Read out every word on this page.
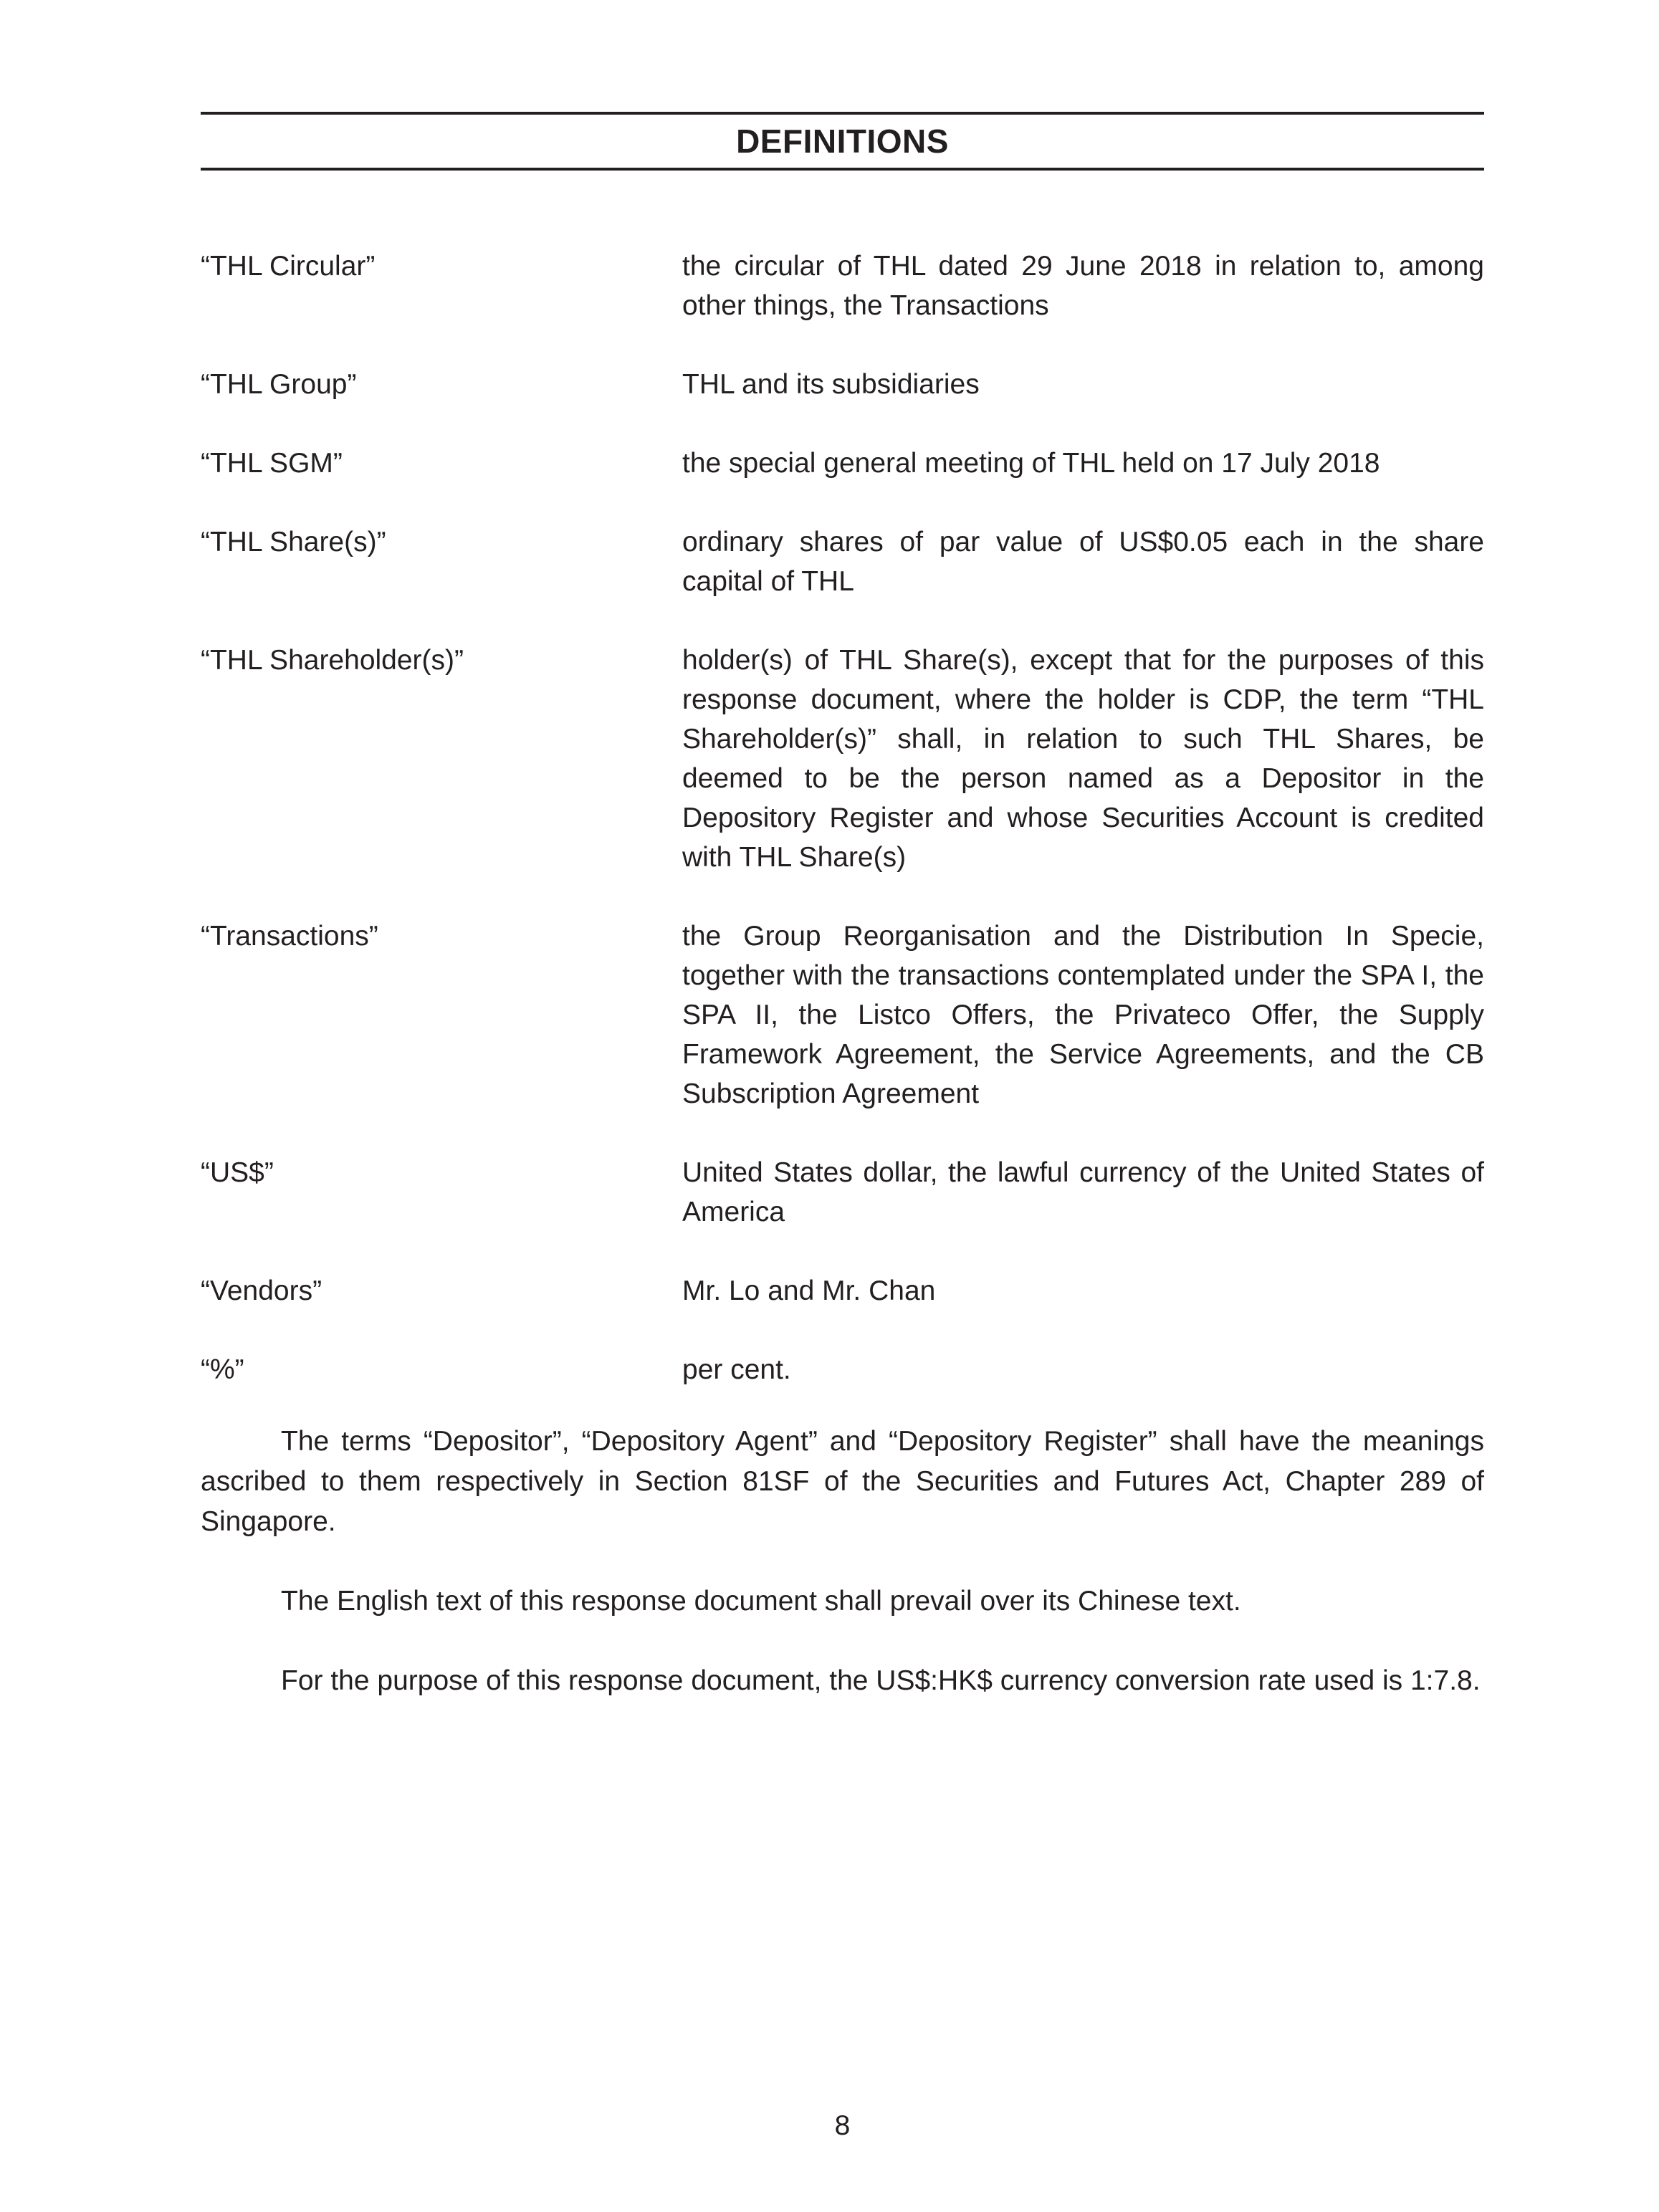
DEFINITIONS
“THL Circular”	the circular of THL dated 29 June 2018 in relation to, among other things, the Transactions
“THL Group”	THL and its subsidiaries
“THL SGM”	the special general meeting of THL held on 17 July 2018
“THL Share(s)”	ordinary shares of par value of US$0.05 each in the share capital of THL
“THL Shareholder(s)”	holder(s) of THL Share(s), except that for the purposes of this response document, where the holder is CDP, the term “THL Shareholder(s)” shall, in relation to such THL Shares, be deemed to be the person named as a Depositor in the Depository Register and whose Securities Account is credited with THL Share(s)
“Transactions”	the Group Reorganisation and the Distribution In Specie, together with the transactions contemplated under the SPA I, the SPA II, the Listco Offers, the Privateco Offer, the Supply Framework Agreement, the Service Agreements, and the CB Subscription Agreement
“US$”	United States dollar, the lawful currency of the United States of America
“Vendors”	Mr. Lo and Mr. Chan
“%”	per cent.

The terms “Depositor”, “Depository Agent” and “Depository Register” shall have the meanings ascribed to them respectively in Section 81SF of the Securities and Futures Act, Chapter 289 of Singapore.

The English text of this response document shall prevail over its Chinese text.

For the purpose of this response document, the US$:HK$ currency conversion rate used is 1:7.8.

8
